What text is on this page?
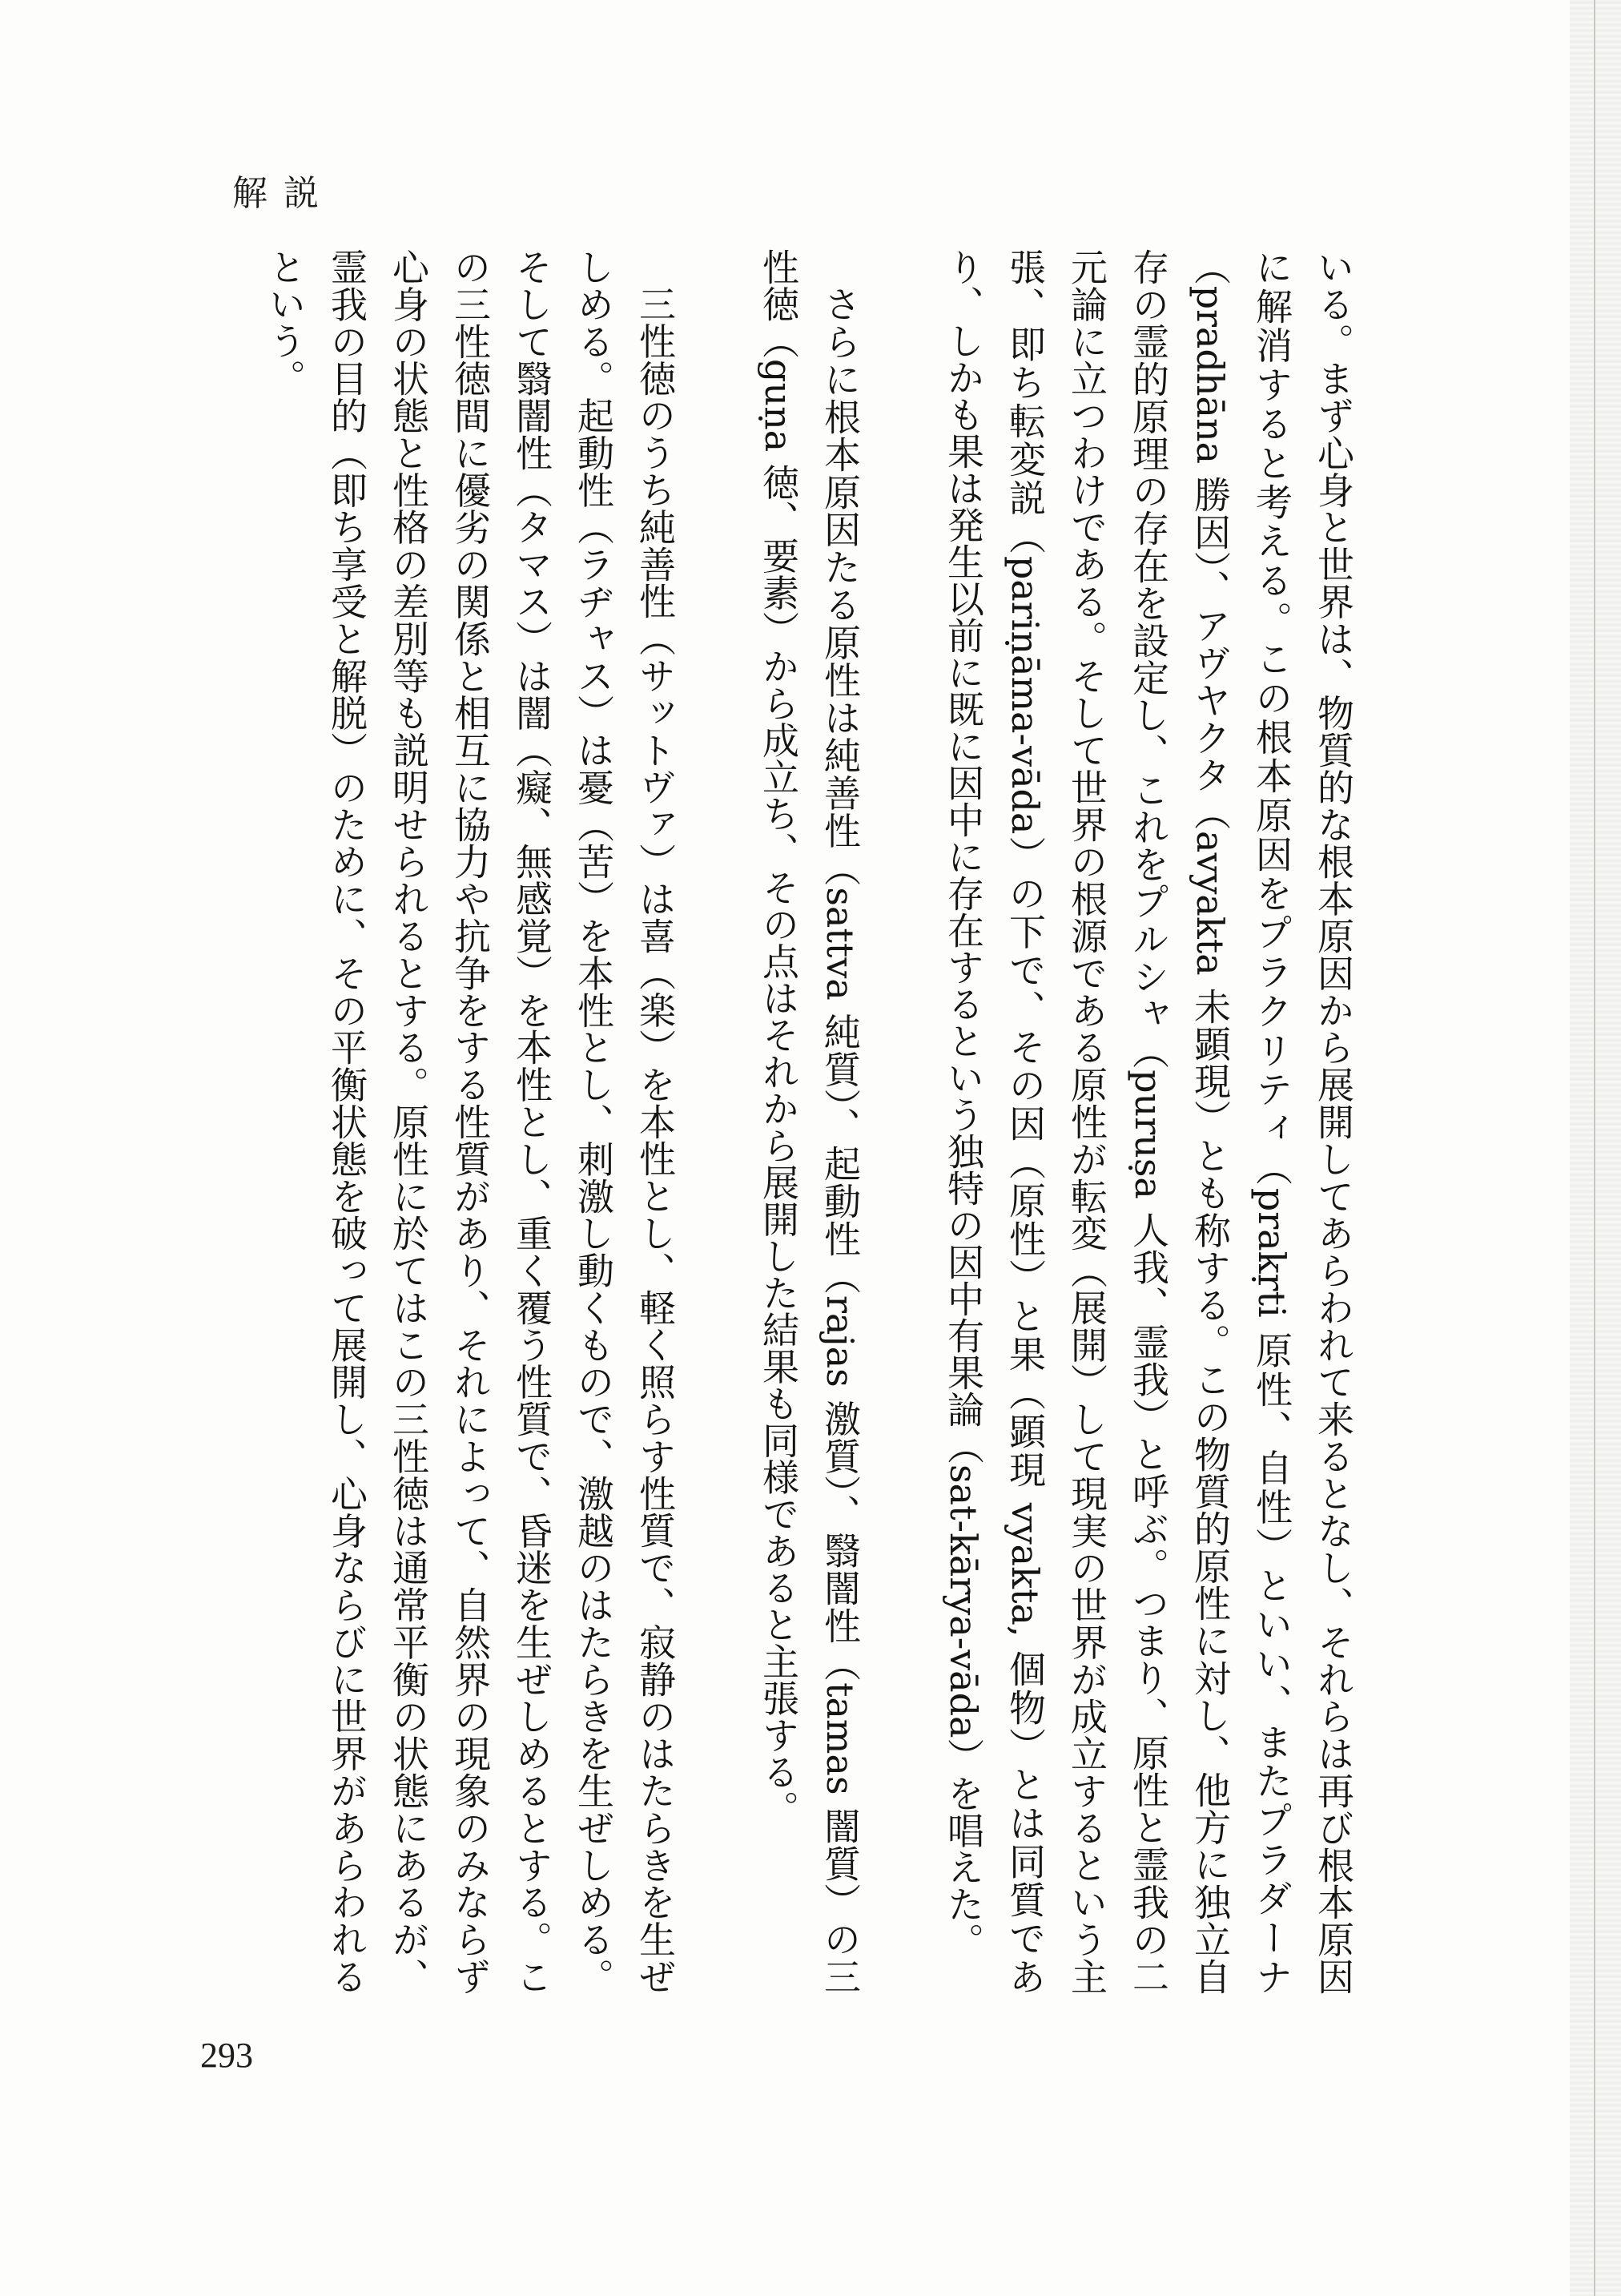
解説

いる。まず心身と世界は、物質的な根本原因から展開してあらわれて来るとなし、それらは再び根本原因に解消すると考える。この根本原因をプラクリティ（prakṛti 原性、自性）といい、またプラダーナ（pradhāna 勝因）、アヴヤクタ（avyakta 未顕現）とも称する。この物質的原性に対し、他方に独立自存の霊的原理の存在を設定し、これをプルシャ（puruṣa 人我、霊我）と呼ぶ。つまり、原性と霊我の二元論に立つわけである。そして世界の根源である原性が転変（展開）して現実の世界が成立するという主張、即ち転変説（pariṇāma-vāda）の下で、その因（原性）と果（顕現 vyakta, 個物）とは同質であり、しかも果は発生以前に既に因中に存在するという独特の因中有果論（sat-kārya-vāda）を唱えた。

さらに根本原因たる原性は純善性（sattva 純質）、起動性（rajas 激質）、翳闇性（tamas 闇質）の三性徳（guṇa 徳、要素）から成立ち、その点はそれから展開した結果も同様であると主張する。

三性徳のうち純善性（サットヴァ）は喜（楽）を本性とし、軽く照らす性質で、寂静のはたらきを生ぜしめる。起動性（ラヂャス）は憂（苦）を本性とし、刺激し動くもので、激越のはたらきを生ぜしめる。そして翳闇性（タマス）は闇（癡、無感覚）を本性とし、重く覆う性質で、昏迷を生ぜしめるとする。この三性徳間に優劣の関係と相互に協力や抗争をする性質があり、それによって、自然界の現象のみならず心身の状態と性格の差別等も説明せられるとする。原性に於てはこの三性徳は通常平衡の状態にあるが、霊我の目的（即ち享受と解脱）のために、その平衡状態を破って展開し、心身ならびに世界があらわれるという。

293
